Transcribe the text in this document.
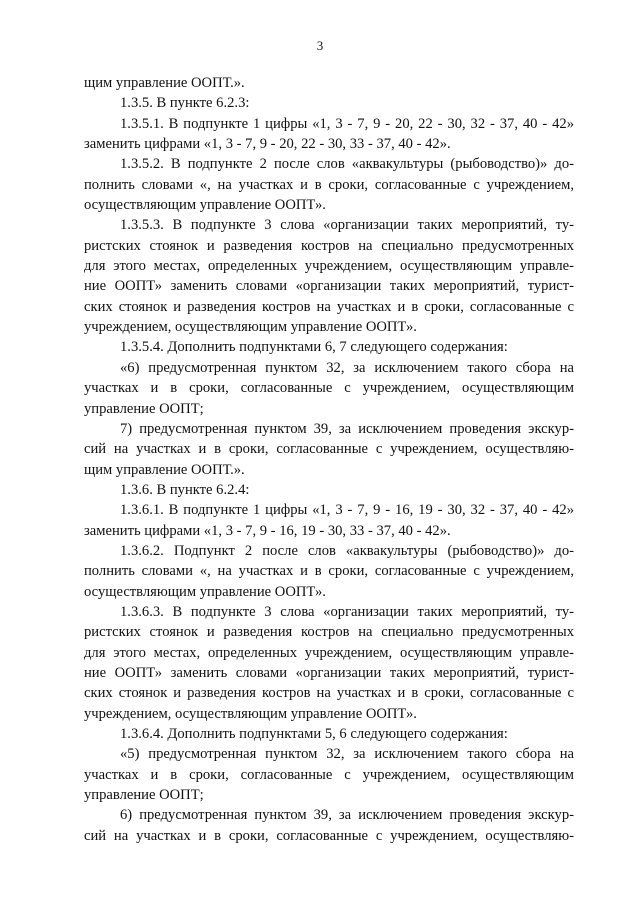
3
щим управление ООПТ.».
1.3.5. В пункте 6.2.3:
1.3.5.1. В подпункте 1 цифры «1, 3 - 7, 9 - 20, 22 - 30, 32 - 37, 40 - 42»
заменить цифрами «1, 3 - 7, 9 - 20, 22 - 30, 33 - 37, 40 - 42».
1.3.5.2. В подпункте 2 после слов «аквакультуры (рыбоводство)» до-
полнить словами «, на участках и в сроки, согласованные с учреждением,
осуществляющим управление ООПТ».
1.3.5.3. В подпункте 3 слова «организации таких мероприятий, ту-
ристских стоянок и разведения костров на специально предусмотренных
для этого местах, определенных учреждением, осуществляющим управле-
ние ООПТ» заменить словами «организации таких мероприятий, турист-
ских стоянок и разведения костров на участках и в сроки, согласованные с
учреждением, осуществляющим управление ООПТ».
1.3.5.4. Дополнить подпунктами 6, 7 следующего содержания:
«6) предусмотренная пунктом 32, за исключением такого сбора на
участках и в сроки, согласованные с учреждением, осуществляющим
управление ООПТ;
7) предусмотренная пунктом 39, за исключением проведения экскур-
сий на участках и в сроки, согласованные с учреждением, осуществляю-
щим управление ООПТ.».
1.3.6. В пункте 6.2.4:
1.3.6.1. В подпункте 1 цифры «1, 3 - 7, 9 - 16, 19 - 30, 32 - 37, 40 - 42»
заменить цифрами «1, 3 - 7, 9 - 16, 19 - 30, 33 - 37, 40 - 42».
1.3.6.2. Подпункт 2 после слов «аквакультуры (рыбоводство)» до-
полнить словами «, на участках и в сроки, согласованные с учреждением,
осуществляющим управление ООПТ».
1.3.6.3. В подпункте 3 слова «организации таких мероприятий, ту-
ристских стоянок и разведения костров на специально предусмотренных
для этого местах, определенных учреждением, осуществляющим управле-
ние ООПТ» заменить словами «организации таких мероприятий, турист-
ских стоянок и разведения костров на участках и в сроки, согласованные с
учреждением, осуществляющим управление ООПТ».
1.3.6.4. Дополнить подпунктами 5, 6 следующего содержания:
«5) предусмотренная пунктом 32, за исключением такого сбора на
участках и в сроки, согласованные с учреждением, осуществляющим
управление ООПТ;
6) предусмотренная пунктом 39, за исключением проведения экскур-
сий на участках и в сроки, согласованные с учреждением, осуществляю-
